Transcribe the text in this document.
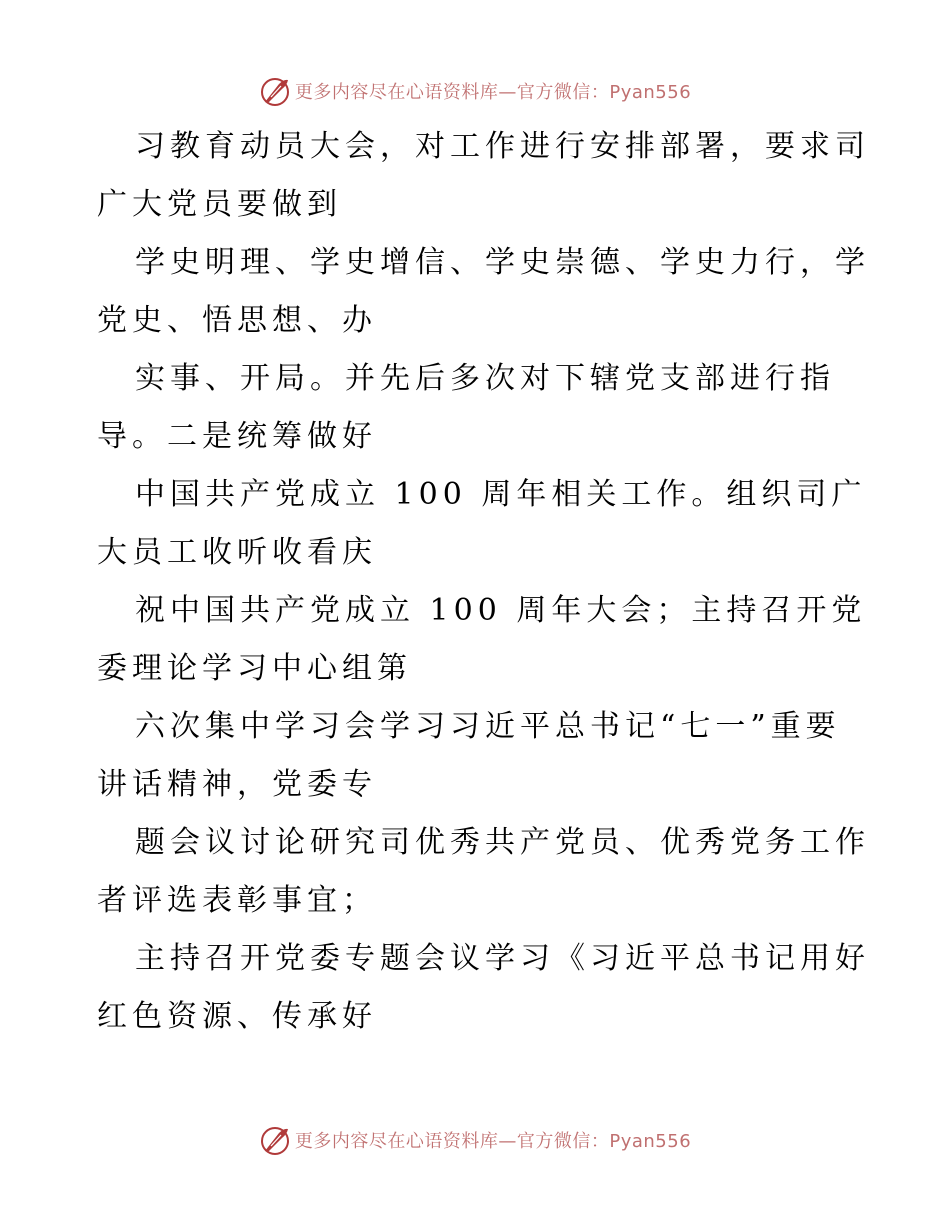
更多内容尽在心语资料库—官方微信：Pyan556
习教育动员大会，对工作进行安排部署，要求司
广大党员要做到
学史明理、学史增信、学史崇德、学史力行，学
党史、悟思想、办
实事、开局。并先后多次对下辖党支部进行指
导。二是统筹做好
中国共产党成立 100 周年相关工作。组织司广
大员工收听收看庆
祝中国共产党成立 100 周年大会；主持召开党
委理论学习中心组第
六次集中学习会学习习近平总书记“七一”重要
讲话精神，党委专
题会议讨论研究司优秀共产党员、优秀党务工作
者评选表彰事宜；
主持召开党委专题会议学习《习近平总书记用好
红色资源、传承好
更多内容尽在心语资料库—官方微信：Pyan556
